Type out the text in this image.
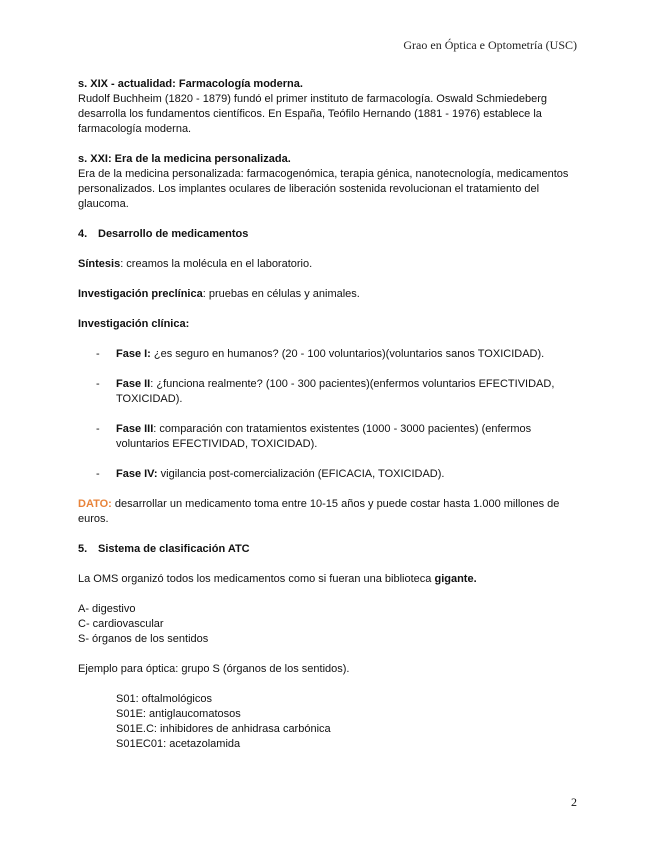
Grao en Óptica e Optometría (USC)

s. XIX - actualidad: Farmacología moderna.

Rudolf Buchheim (1820 - 1879) fundó el primer instituto de farmacología. Oswald Schmiedeberg desarrolla los fundamentos científicos. En España, Teófilo Hernando (1881 - 1976) establece la farmacología moderna.

s. XXI: Era de la medicina personalizada.

Era de la medicina personalizada: farmacogenómica, terapia génica, nanotecnología, medicamentos personalizados. Los implantes oculares de liberación sostenida revolucionan el tratamiento del glaucoma.

4. Desarrollo de medicamentos

Síntesis: creamos la molécula en el laboratorio.

Investigación preclínica: pruebas en células y animales.

Investigación clínica:

- Fase I: ¿es seguro en humanos? (20 - 100 voluntarios)(voluntarios sanos TOXICIDAD).
- Fase II: ¿funciona realmente? (100 - 300 pacientes)(enfermos voluntarios EFECTIVIDAD, TOXICIDAD).
- Fase III: comparación con tratamientos existentes (1000 - 3000 pacientes) (enfermos voluntarios EFECTIVIDAD, TOXICIDAD).
- Fase IV: vigilancia post-comercialización (EFICACIA, TOXICIDAD).

DATO: desarrollar un medicamento toma entre 10-15 años y puede costar hasta 1.000 millones de euros.

5. Sistema de clasificación ATC

La OMS organizó todos los medicamentos como si fueran una biblioteca gigante.

A- digestivo

C- cardiovascular

S- órganos de los sentidos

Ejemplo para óptica: grupo S (órganos de los sentidos).

S01: oftalmológicos

S01E: antiglaucomatosos

S01E.C: inhibidores de anhidrasa carbónica

S01EC01: acetazolamida

2
